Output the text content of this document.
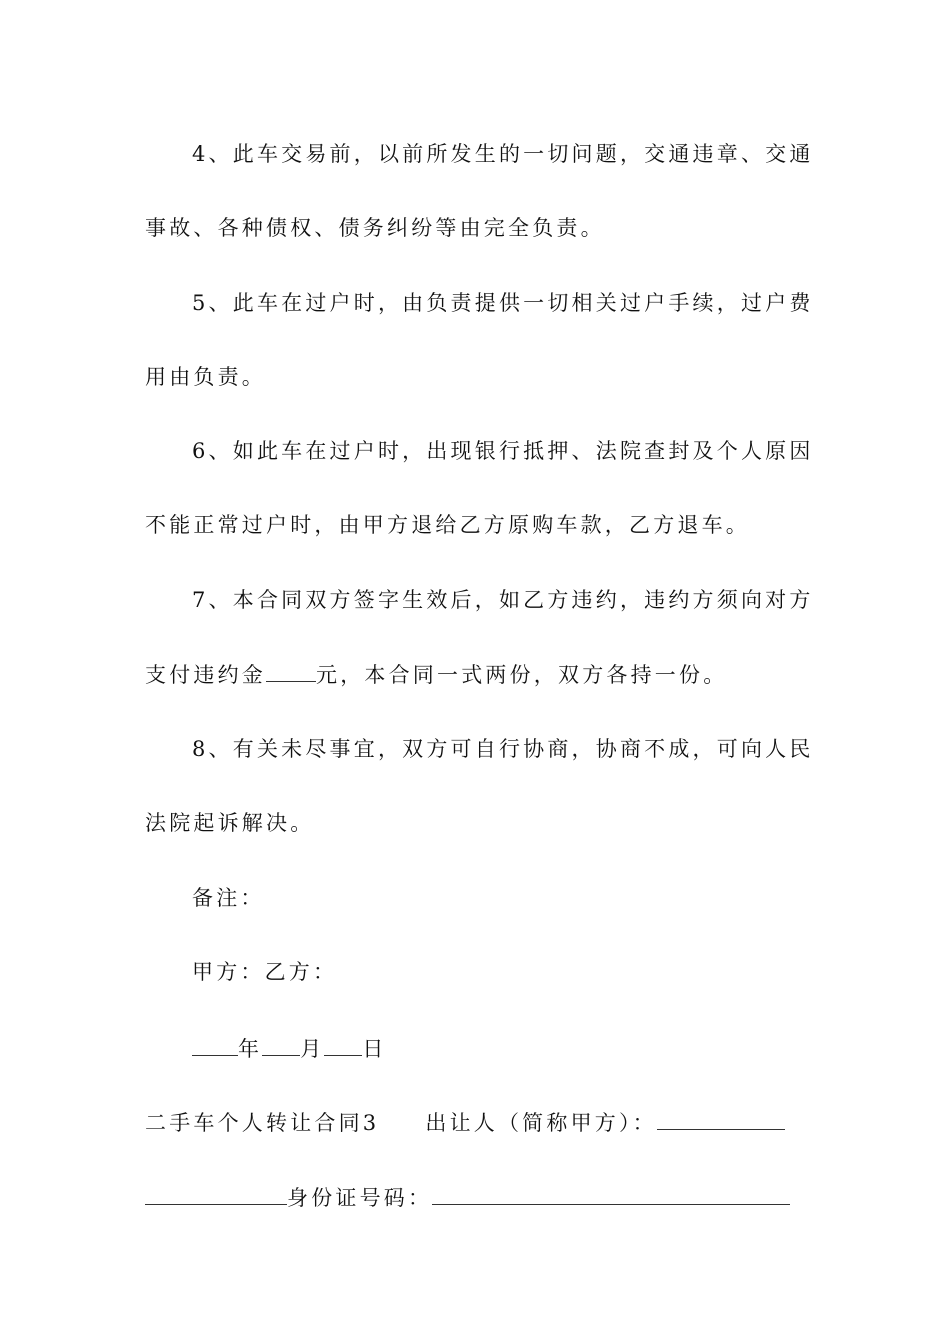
4、此车交易前，以前所发生的一切问题，交通违章、交通
事故、各种债权、债务纠纷等由完全负责。
5、此车在过户时，由负责提供一切相关过户手续，过户费
用由负责。
6、如此车在过户时，出现银行抵押、法院查封及个人原因
不能正常过户时，由甲方退给乙方原购车款，乙方退车。
7、本合同双方签字生效后，如乙方违约，违约方须向对方
支付违约金 元，本合同一式两份，双方各持一份。
8、有关未尽事宜，双方可自行协商，协商不成，可向人民
法院起诉解决。
备注：
甲方：乙方：
年 月 日
二手车个人转让合同3 出让人（简称甲方）：
身份证号码：
